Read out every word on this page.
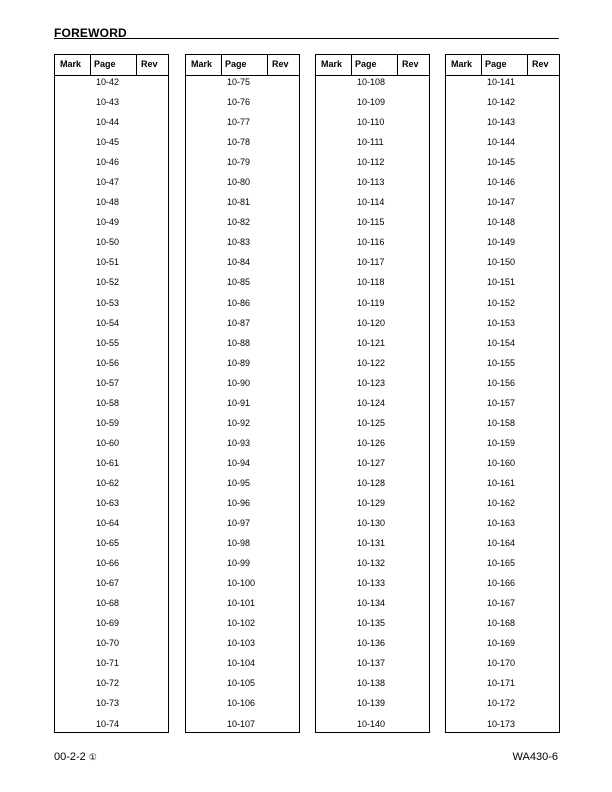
FOREWORD
Mark Page	Rev
10-42
10-43
10-44
10-45
10-46
10-47
10-48
10-49
10-50
10-51
10-52
10-53
10-54
10-55
10-56
10-57
10-58
10-59
10-60
10-61
10-62
10-63
10-64
10-65
10-66
10-67
10-68
10-69
10-70
10-71
10-72
10-73
10-74
Mark Page	Rev
10-75
10-76
10-77
10-78
10-79
10-80
10-81
10-82
10-83
10-84
10-85
10-86
10-87
10-88
10-89
10-90
10-91
10-92
10-93
10-94
10-95
10-96
10-97
10-98
10-99
10-100
10-101
10-102
10-103
10-104
10-105
10-106
10-107
Mark Page	Rev
10-108
10-109
10-110
10-111
10-112
10-113
10-114
10-115
10-116
10-117
10-118
10-119
10-120
10-121
10-122
10-123
10-124
10-125
10-126
10-127
10-128
10-129
10-130
10-131
10-132
10-133
10-134
10-135
10-136
10-137
10-138
10-139
10-140
Mark Page	Rev
10-141
10-142
10-143
10-144
10-145
10-146
10-147
10-148
10-149
10-150
10-151
10-152
10-153
10-154
10-155
10-156
10-157
10-158
10-159
10-160
10-161
10-162
10-163
10-164
10-165
10-166
10-167
10-168
10-169
10-170
10-171
10-172
10-173
00-2-2 ①	WA430-6
